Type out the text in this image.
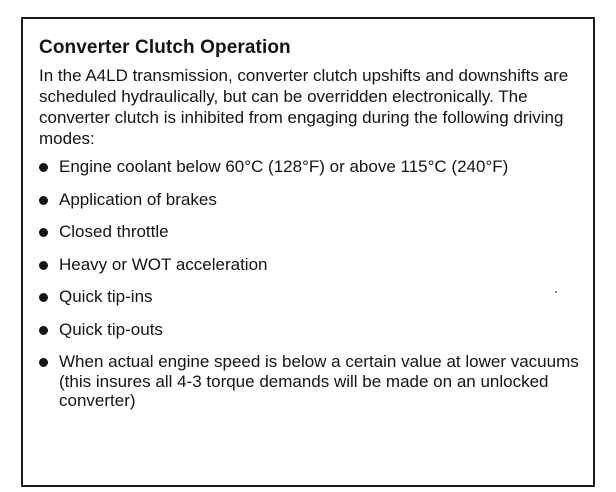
Converter Clutch Operation
In the A4LD transmission, converter clutch upshifts and downshifts are scheduled hydraulically, but can be overridden electronically. The converter clutch is inhibited from engaging during the following driving modes:
Engine coolant below 60°C (128°F) or above 115°C (240°F)
Application of brakes
Closed throttle
Heavy or WOT acceleration
Quick tip-ins
Quick tip-outs
When actual engine speed is below a certain value at lower vacuums (this insures all 4-3 torque demands will be made on an unlocked converter)
